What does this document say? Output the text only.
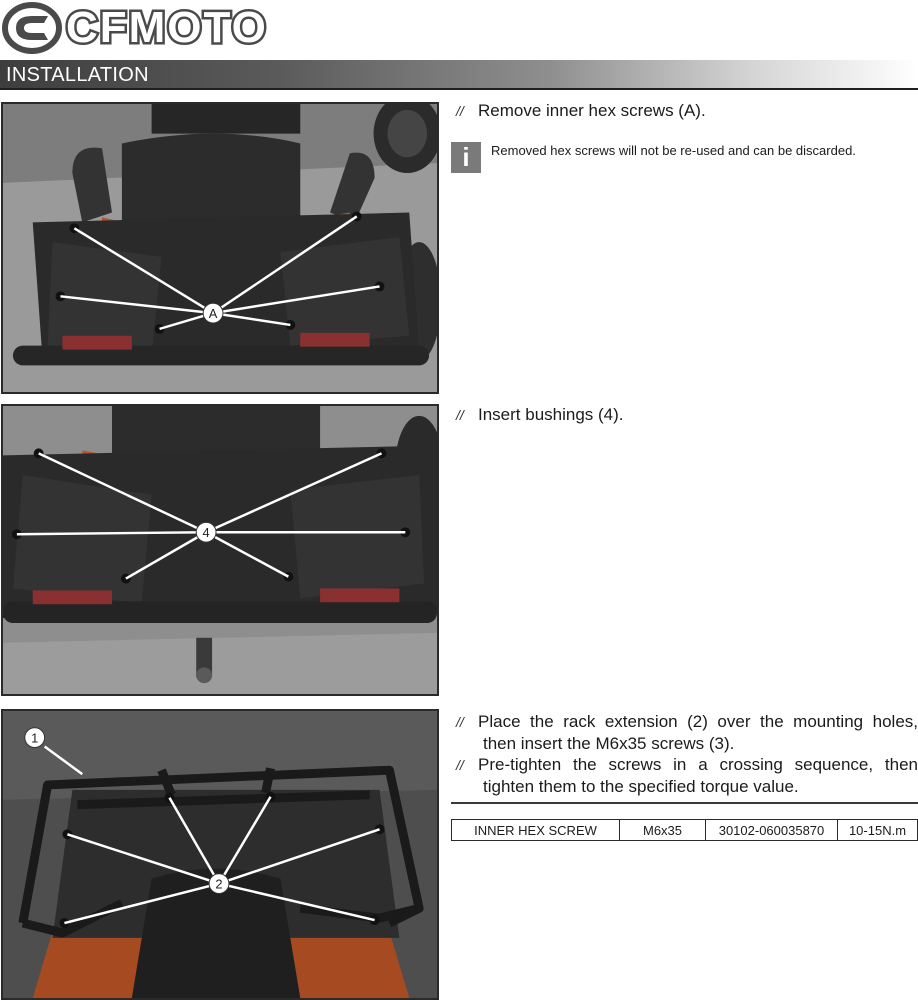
CFMOTO
INSTALLATION
A
4
2
1
// Remove inner hex screws (A).
i	Removed hex screws will not be re-used and can be discarded.
// Insert bushings (4).
// Place the rack extension (2) over the mounting holes,
then insert the M6x35 screws (3).
// Pre-tighten the screws in a crossing sequence, then
tighten them to the specified torque value.
INNER HEX SCREW	M6x35	30102-060035870	10-15N.m
